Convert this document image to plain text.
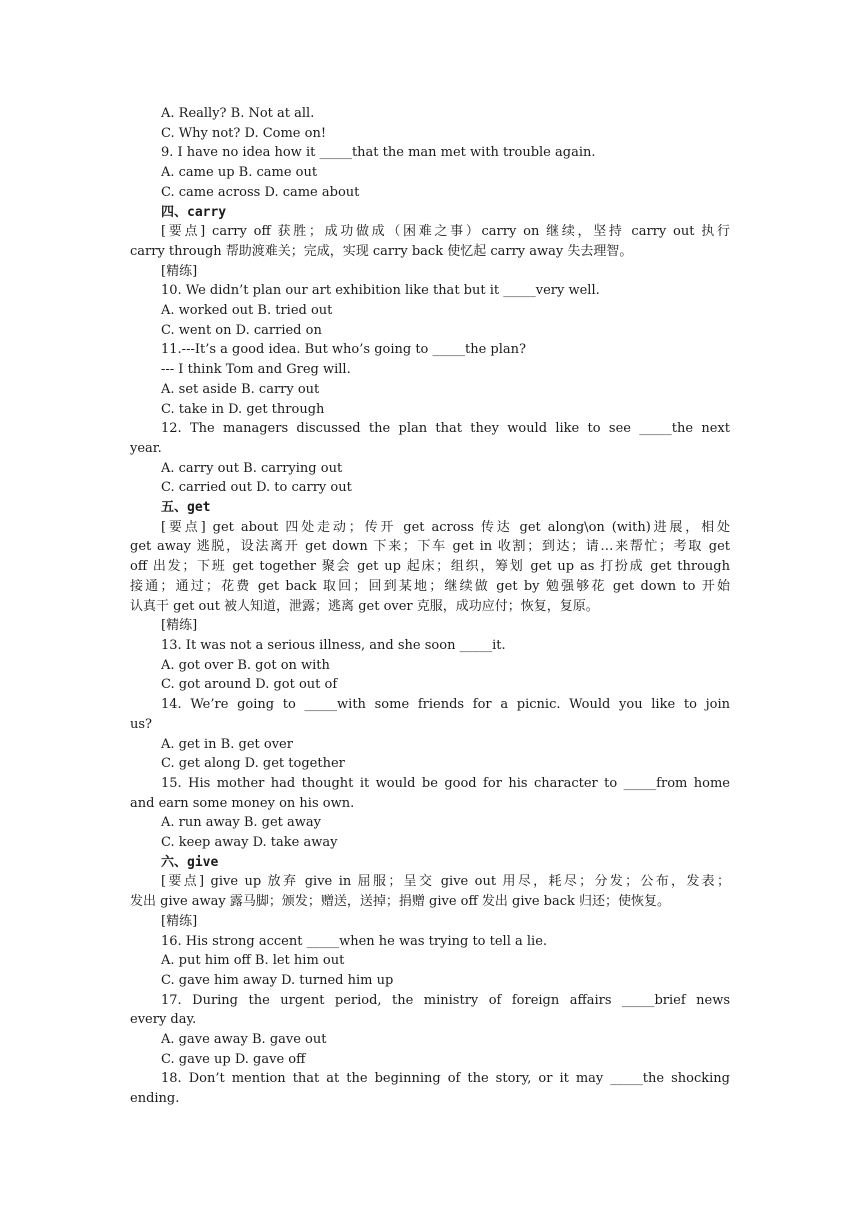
A. Really? B. Not at all.
C. Why not? D. Come on!
9. I have no idea how it _____that the man met with trouble again.
A. came up B. came out
C. came across D. came about
四、carry
[要点] carry off 获胜；成功做成（困难之事）carry on 继续，坚持 carry out 执行
carry through 帮助渡难关；完成，实现 carry back 使忆起 carry away 失去理智。
[精练]
10. We didn’t plan our art exhibition like that but it _____very well.
A. worked out B. tried out
C. went on D. carried on
11.---It’s a good idea. But who’s going to _____the plan?
--- I think Tom and Greg will.
A. set aside B. carry out
C. take in D. get through
12. The managers discussed the plan that they would like to see _____the next
year.
A. carry out B. carrying out
C. carried out D. to carry out
五、get
[要点] get about 四处走动；传开 get across 传达 get along\on (with)进展，相处
get away 逃脱，设法离开 get down 下来；下车 get in 收割；到达；请…来帮忙；考取 get
off 出发；下班 get together 聚会 get up 起床；组织，筹划 get up as 打扮成 get through
接通；通过；花费 get back 取回；回到某地；继续做 get by 勉强够花 get down to 开始
认真干 get out 被人知道，泄露；逃离 get over 克服，成功应付；恢复，复原。
[精练]
13. It was not a serious illness, and she soon _____it.
A. got over B. got on with
C. got around D. got out of
14. We’re going to _____with some friends for a picnic. Would you like to join
us?
A. get in B. get over
C. get along D. get together
15. His mother had thought it would be good for his character to _____from home
and earn some money on his own.
A. run away B. get away
C. keep away D. take away
六、give
[要点] give up 放弃 give in 屈服；呈交 give out 用尽，耗尽；分发；公布，发表；
发出 give away 露马脚；颁发；赠送，送掉；捐赠 give off 发出 give back 归还；使恢复。
[精练]
16. His strong accent _____when he was trying to tell a lie.
A. put him off B. let him out
C. gave him away D. turned him up
17. During the urgent period, the ministry of foreign affairs _____brief news
every day.
A. gave away B. gave out
C. gave up D. gave off
18. Don’t mention that at the beginning of the story, or it may _____the shocking
ending.
